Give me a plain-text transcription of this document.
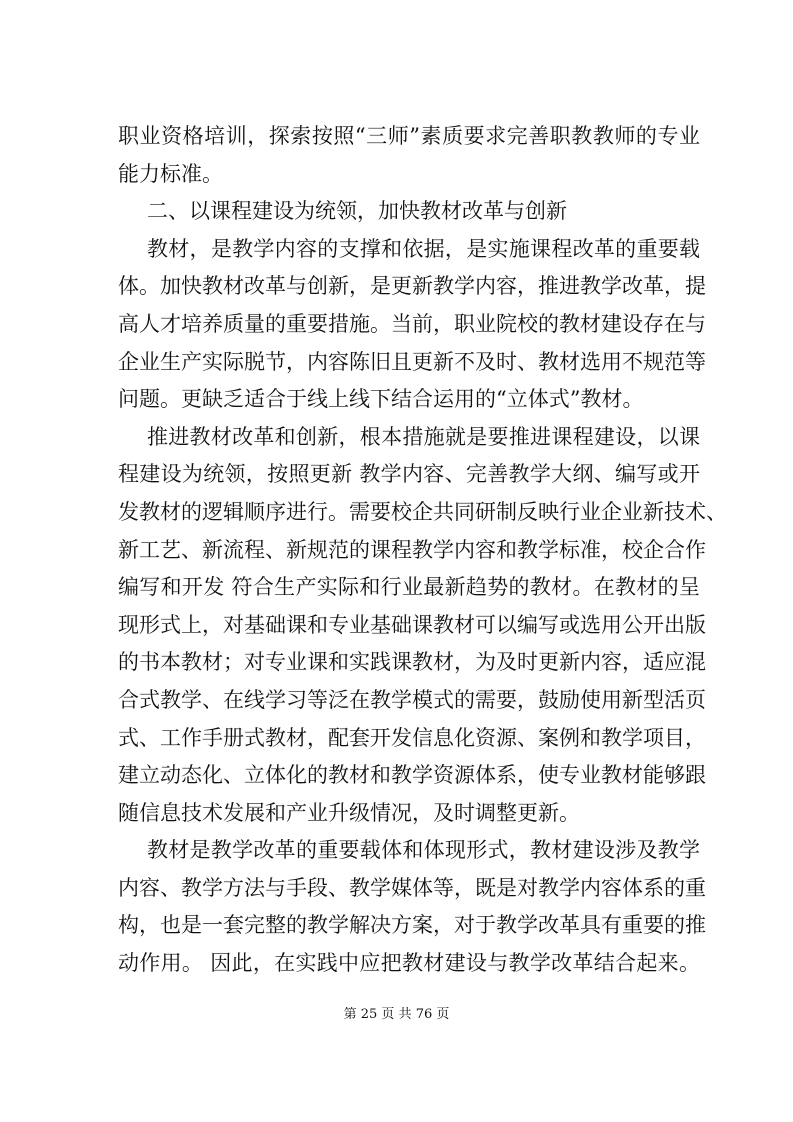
职业资格培训，探索按照“三师”素质要求完善职教教师的专业
能力标准。
二、以课程建设为统领，加快教材改革与创新
教材，是教学内容的支撑和依据，是实施课程改革的重要载
体。加快教材改革与创新，是更新教学内容，推进教学改革，提
高人才培养质量的重要措施。当前，职业院校的教材建设存在与
企业生产实际脱节，内容陈旧且更新不及时、教材选用不规范等
问题。更缺乏适合于线上线下结合运用的“立体式”教材。
推进教材改革和创新，根本措施就是要推进课程建设，以课
程建设为统领，按照更新 教学内容、完善教学大纲、编写或开
发教材的逻辑顺序进行。需要校企共同研制反映行业企业新技术、
新工艺、新流程、新规范的课程教学内容和教学标准，校企合作
编写和开发 符合生产实际和行业最新趋势的教材。在教材的呈
现形式上，对基础课和专业基础课教材可以编写或选用公开出版
的书本教材；对专业课和实践课教材，为及时更新内容，适应混
合式教学、在线学习等泛在教学模式的需要，鼓励使用新型活页
式、工作手册式教材，配套开发信息化资源、案例和教学项目，
建立动态化、立体化的教材和教学资源体系，使专业教材能够跟
随信息技术发展和产业升级情况，及时调整更新。
教材是教学改革的重要载体和体现形式，教材建设涉及教学
内容、教学方法与手段、教学媒体等，既是对教学内容体系的重
构，也是一套完整的教学解决方案，对于教学改革具有重要的推
动作用。 因此，在实践中应把教材建设与教学改革结合起来。
第 25 页 共 76 页
